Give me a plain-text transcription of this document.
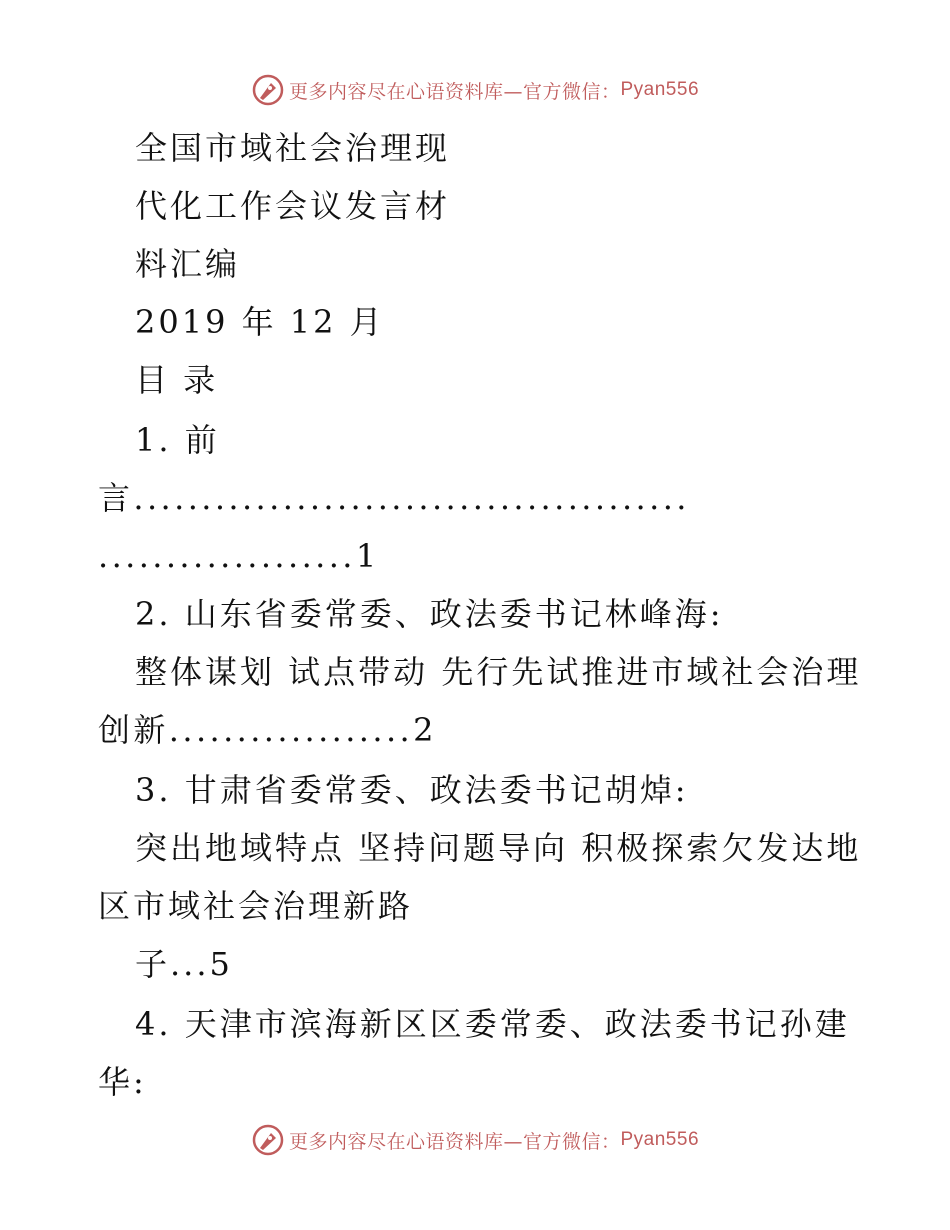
更多内容尽在心语资料库—官方微信： Pyan556
全国市域社会治理现
代化工作会议发言材
料汇编
2019 年 12 月
目 录
1. 前
言.........................................
...................1
2. 山东省委常委、政法委书记林峰海:
整体谋划 试点带动 先行先试推进市域社会治理
创新..................2
3. 甘肃省委常委、政法委书记胡焯:
突出地域特点 坚持问题导向 积极探索欠发达地
区市域社会治理新路
子...5
4. 天津市滨海新区区委常委、政法委书记孙建
华:
更多内容尽在心语资料库—官方微信： Pyan556
